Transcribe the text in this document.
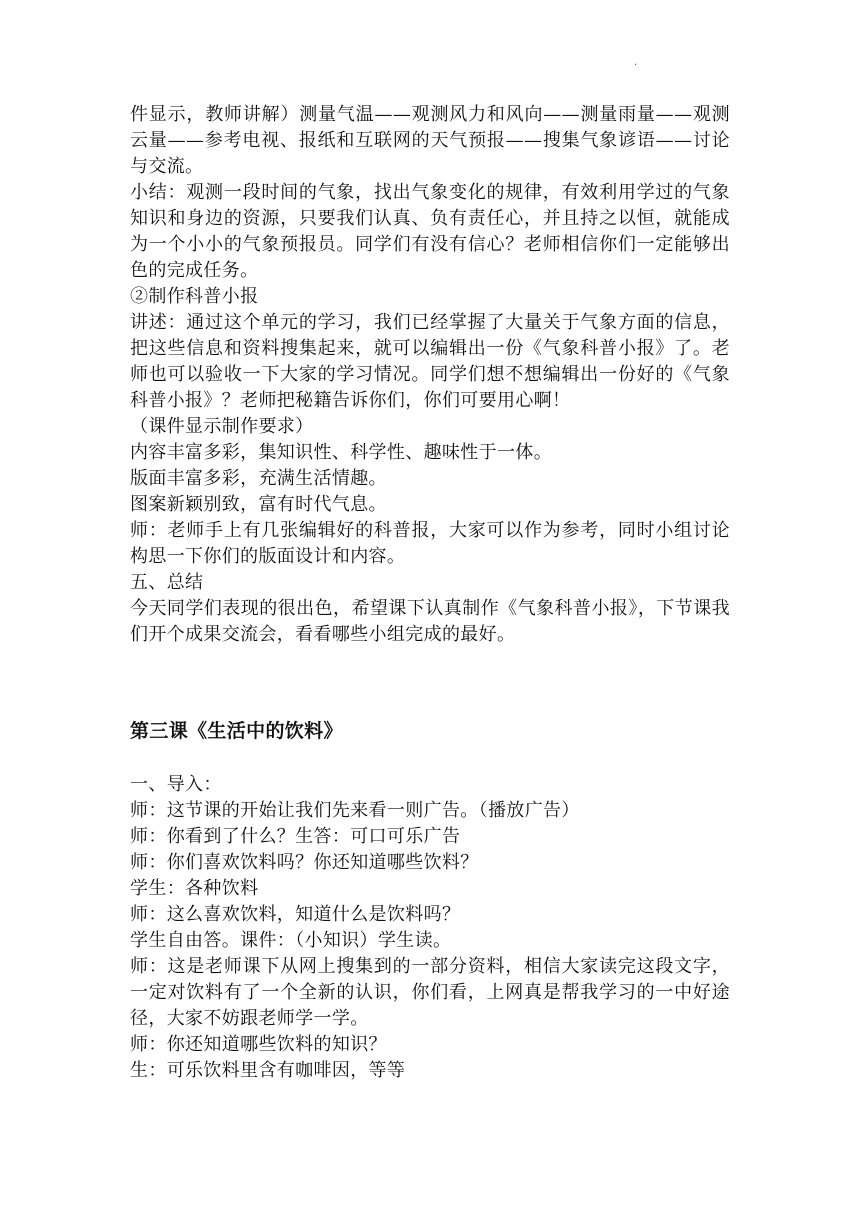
.

件显示，教师讲解）测量气温——观测风力和风向——测量雨量——观测云量——参考电视、报纸和互联网的天气预报——搜集气象谚语——讨论与交流。

小结：观测一段时间的气象，找出气象变化的规律，有效利用学过的气象知识和身边的资源，只要我们认真、负有责任心，并且持之以恒，就能成为一个小小的气象预报员。同学们有没有信心？老师相信你们一定能够出色的完成任务。

②制作科普小报

讲述：通过这个单元的学习，我们已经掌握了大量关于气象方面的信息，把这些信息和资料搜集起来，就可以编辑出一份《气象科普小报》了。老师也可以验收一下大家的学习情况。同学们想不想编辑出一份好的《气象科普小报》？老师把秘籍告诉你们，你们可要用心啊！

（课件显示制作要求）

内容丰富多彩，集知识性、科学性、趣味性于一体。

版面丰富多彩，充满生活情趣。

图案新颖别致，富有时代气息。

师：老师手上有几张编辑好的科普报，大家可以作为参考，同时小组讨论构思一下你们的版面设计和内容。

五、总结

今天同学们表现的很出色，希望课下认真制作《气象科普小报》，下节课我们开个成果交流会，看看哪些小组完成的最好。

第三课《生活中的饮料》

一、导入：

师：这节课的开始让我们先来看一则广告。（播放广告）

师：你看到了什么？生答：可口可乐广告

师：你们喜欢饮料吗？你还知道哪些饮料？

学生：各种饮料

师：这么喜欢饮料，知道什么是饮料吗？

学生自由答。课件：（小知识）学生读。

师：这是老师课下从网上搜集到的一部分资料，相信大家读完这段文字，一定对饮料有了一个全新的认识，你们看，上网真是帮我学习的一中好途径，大家不妨跟老师学一学。

师：你还知道哪些饮料的知识？

生：可乐饮料里含有咖啡因，等等
